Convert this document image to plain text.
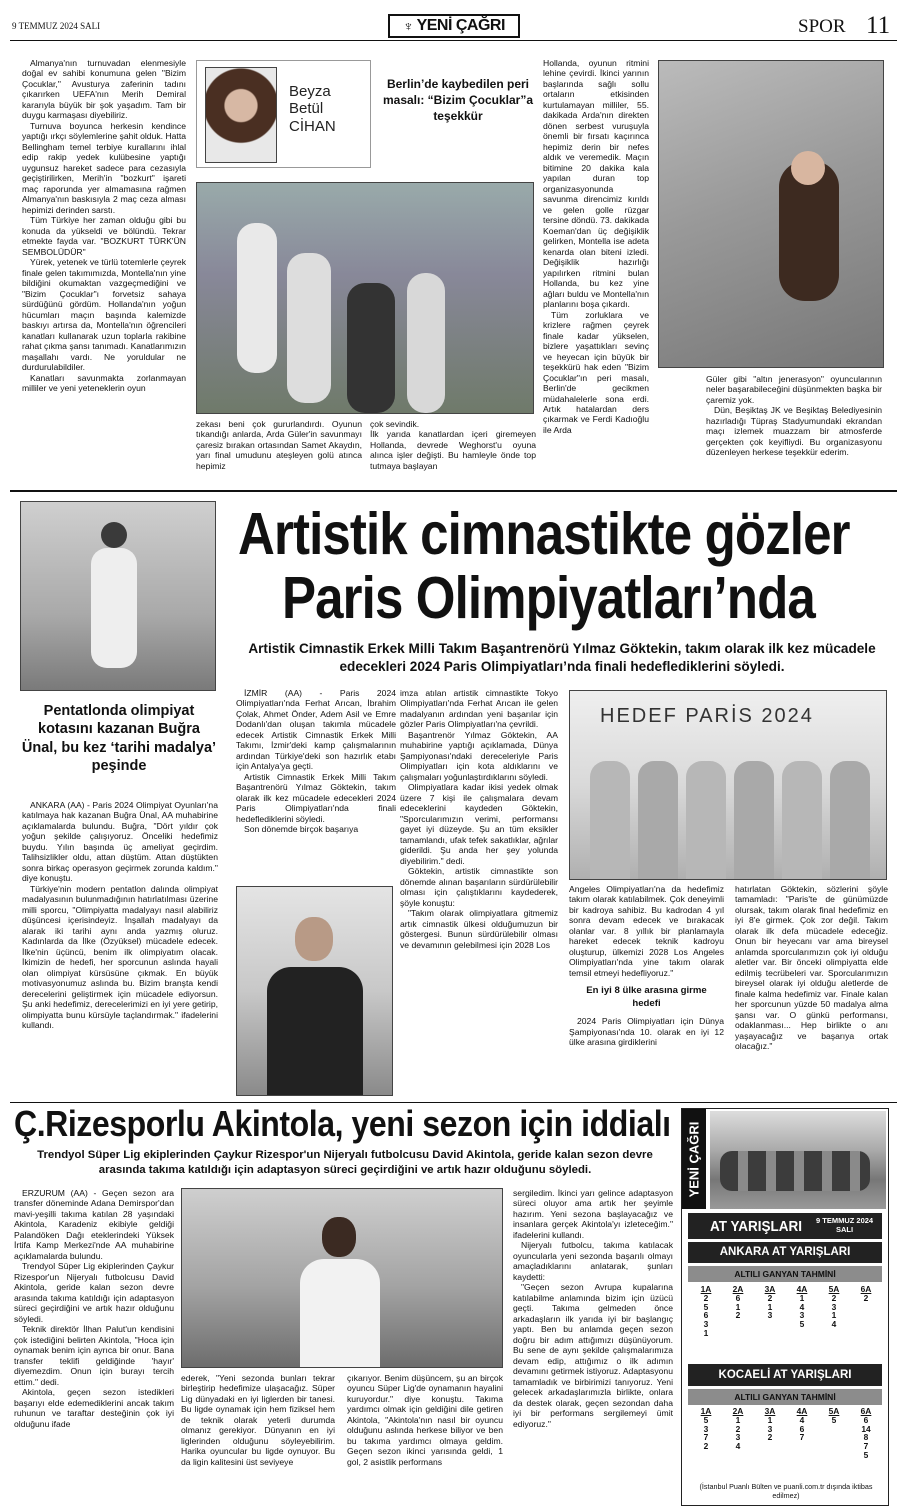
9 TEMMUZ 2024 SALI	♆ YENİ ÇAĞRI	SPOR 11

Almanya'nın turnuvadan elenmesiyle doğal ev sahibi konumuna gelen "Bizim Çocuklar," Avusturya zaferinin tadını çıkarırken UEFA'nın Merih Demiral kararıyla büyük bir şok yaşadım. Tam bir duygu karmaşası diyebiliriz.

Turnuva boyunca herkesin kendince yaptığı ırkçı söylemlerine şahit olduk. Hatta Bellingham temel terbiye kurallarını ihlal edip rakip yedek kulübesine yaptığı uygunsuz hareket sadece para cezasıyla geçiştirilirken, Merih'in "bozkurt" işareti maç raporunda yer almamasına rağmen Almanya'nın baskısıyla 2 maç ceza alması hepimizi derinden sarstı.

Tüm Türkiye her zaman olduğu gibi bu konuda da yükseldi ve bölündü. Tekrar etmekte fayda var. "BOZKURT TÜRK'ÜN SEMBOLÜDÜR"

Yürek, yetenek ve türlü totemlerle çeyrek finale gelen takımımızda, Montella'nın yine bildiğini okumaktan vazgeçmediğini ve "Bizim Çocuklar"ı forvetsiz sahaya sürdüğünü gördüm. Hollanda'nın yoğun hücumları maçın başında kalemizde baskıyı artırsa da, Montella'nın öğrencileri kanatları kullanarak uzun toplarla rakibine rahat çıkma şansı tanımadı. Kanatlarımızın maşallahı vardı. Ne yoruldular ne durdurulabildiler.

Kanatları savunmakta zorlanmayan milliler ve yeni yeteneklerin oyun

Beyza
Betül
CİHAN
Berlin’de kaybedilen peri masalı: “Bizim Çocuklar”a teşekkür
zekası beni çok gururlandırdı. Oyunun tıkandığı anlarda, Arda Güler'in savunmayı çaresiz bırakan ortasından Samet Akaydın, yarı final umudunu ateşleyen golü atınca hepimiz
çok sevindik.
İlk yarıda kanatlardan içeri giremeyen Hollanda, devrede Weghorst'u oyuna alınca işler değişti. Bu hamleyle önde top tutmaya başlayan

Hollanda, oyunun ritmini lehine çevirdi. İkinci yarının başlarında sağlı sollu ortaların etkisinden kurtulamayan milliler, 55. dakikada Arda'nın direkten dönen serbest vuruşuyla önemli bir fırsatı kaçırınca hepimiz derin bir nefes aldık ve veremedik. Maçın bitimine 20 dakika kala yapılan duran top organizasyonunda savunma direncimiz kırıldı ve gelen golle rüzgar tersine döndü. 73. dakikada Koeman'dan üç değişiklik gelirken, Montella ise adeta kenarda olan biteni izledi. Değişiklik hazırlığı yapılırken ritmini bulan Hollanda, bu kez yine ağları buldu ve Montella'nın planlarını boşa çıkardı.

Tüm zorluklara ve krizlere rağmen çeyrek finale kadar yükselen, bizlere yaşattıkları sevinç ve heyecan için büyük bir teşekkürü hak eden "Bizim Çocuklar"ın peri masalı, Berlin'de gecikmen müdahalelerle sona erdi. Artık hatalardan ders çıkarmak ve Ferdi Kadıoğlu ile Arda

Güler gibi "altın jenerasyon" oyuncularının neler başarabileceğini düşünmekten başka bir çaremiz yok.

Dün, Beşiktaş JK ve Beşiktaş Belediyesinin hazırladığı Tüpraş Stadyumundaki ekrandan maçı izlemek muazzam bir atmosferde gerçekten çok keyifliydi. Bu organizasyonu düzenleyen herkese teşekkür ederim.

Pentatlonda olimpiyat kotasını kazanan Buğra Ünal, bu kez ‘tarihi madalya’ peşinde

ANKARA (AA) - Paris 2024 Olimpiyat Oyunları'na katılmaya hak kazanan Buğra Ünal, AA muhabirine açıklamalarda bulundu. Buğra, "Dört yıldır çok yoğun şekilde çalışıyoruz. Önceliki hedefimiz buydu. Yılın başında üç ameliyat geçirdim. Talihsizlikler oldu, attan düştüm. Attan düştükten sonra birkaç operasyon geçirmek zorunda kaldım." diye konuştu.

Türkiye'nin modern pentatlon dalında olimpiyat madalyasının bulunmadığının hatırlatılması üzerine milli sporcu, "Olimpiyatta madalyayı nasıl alabiliriz düşüncesi içerisindeyiz. İnşallah madalyayı da alarak iki tarihi aynı anda yazmış oluruz. Kadınlarda da İlke (Özyüksel) mücadele edecek. İlke'nin üçüncü, benim ilk olimpiyatım olacak. İkimizin de hedefi, her sporcunun aslında hayali olan olimpiyat kürsüsüne çıkmak. En büyük motivasyonumuz aslında bu. Bizim branşta kendi derecelerini geliştirmek için mücadele ediyorsun. Şu anki hedefimiz, derecelerimizi en iyi yere getirip, olimpiyatta bunu kürsüyle taçlandırmak." ifadelerini kullandı.

Artistik cimnastikte gözler
Paris Olimpiyatları’nda
Artistik Cimnastik Erkek Milli Takım Başantrenörü Yılmaz Göktekin, takım olarak ilk kez mücadele edecekleri 2024 Paris Olimpiyatları’nda finali hedeflediklerini söyledi.

İZMİR (AA) - Paris 2024 Olimpiyatları'nda Ferhat Arıcan, İbrahim Çolak, Ahmet Önder, Adem Asil ve Emre Dodanlı'dan oluşan takımla mücadele edecek Artistik Cimnastik Erkek Milli Takımı, İzmir'deki kamp çalışmalarının ardından Türkiye'deki son hazırlık etabı için Antalya'ya geçti.

Artistik Cimnastik Erkek Milli Takım Başantrenörü Yılmaz Göktekin, takım olarak ilk kez mücadele edecekleri 2024 Paris Olimpiyatları'nda finali hedeflediklerini söyledi.

Son dönemde birçok başarıya

imza atılan artistik cimnastikte Tokyo Olimpiyatları'nda Ferhat Arıcan ile gelen madalyanın ardından yeni başarılar için gözler Paris Olimpiyatları'na çevrildi.

Başantrenör Yılmaz Göktekin, AA muhabirine yaptığı açıklamada, Dünya Şampiyonası'ndaki dereceleriyle Paris Olimpiyatları için kota aldıklarını ve çalışmaları yoğunlaştırdıklarını söyledi.

Olimpiyatlara kadar ikisi yedek olmak üzere 7 kişi ile çalışmalara devam edeceklerini kaydeden Göktekin, "Sporcularımızın verimi, performansı gayet iyi düzeyde. Şu an tüm eksikler tamamlandı, ufak tefek sakatlıklar, ağrılar giderildi. Şu anda her şey yolunda diyebilirim." dedi.

Göktekin, artistik cimnastikte son dönemde alınan başarıların sürdürülebilir olması için çalıştıklarını kaydederek, şöyle konuştu:

"Takım olarak olimpiyatlara gitmemiz artık cimnastik ülkesi olduğumuzun bir göstergesi. Bunun sürdürülebilir olması ve devamının gelebilmesi için 2028 Los

HEDEF PARİS 2024

Angeles Olimpiyatları'na da hedefimiz takım olarak katılabilmek. Çok deneyimli bir kadroya sahibiz. Bu kadrodan 4 yıl sonra devam edecek ve bırakacak olanlar var. 8 yıllık bir planlamayla hareket edecek teknik kadroyu oluşturup, ülkemizi 2028 Los Angeles Olimpiyatları'nda yine takım olarak temsil etmeyi hedefliyoruz."

En iyi 8 ülke arasına girme hedefi

2024 Paris Olimpiyatları için Dünya Şampiyonası'nda 10. olarak en iyi 12 ülke arasına girdiklerini

hatırlatan Göktekin, sözlerini şöyle tamamladı: "Paris'te de günümüzde olursak, takım olarak final hedefimiz en iyi 8'e girmek. Çok zor değil. Takım olarak ilk defa mücadele edeceğiz. Onun bir heyecanı var ama bireysel anlamda sporcularımızın çok iyi olduğu aletler var. Bir önceki olimpiyatta elde edilmiş tecrübeleri var. Sporcularımızın bireysel olarak iyi olduğu aletlerde de finale kalma hedefimiz var. Finale kalan her sporcunun yüzde 50 madalya alma şansı var. O günkü performansı, odaklanması... Hep birlikte o anı yaşayacağız ve başarıya ortak olacağız."

Ç.Rizesporlu Akintola, yeni sezon için iddialı
Trendyol Süper Lig ekiplerinden Çaykur Rizespor'un Nijeryalı futbolcusu David Akintola, geride kalan sezon devre arasında takıma katıldığı için adaptasyon süreci geçirdiğini ve artık hazır olduğunu söyledi.

ERZURUM (AA) - Geçen sezon ara transfer döneminde Adana Demirspor'dan mavi-yeşilli takıma katılan 28 yaşındaki Akintola, Karadeniz ekibiyle geldiği Palandöken Dağı eteklerindeki Yüksek İrtifa Kamp Merkezi'nde AA muhabirine açıklamalarda bulundu.

Trendyol Süper Lig ekiplerinden Çaykur Rizespor'un Nijeryalı futbolcusu David Akintola, geride kalan sezon devre arasında takıma katıldığı için adaptasyon süreci geçirdiğini ve artık hazır olduğunu söyledi.

Teknik direktör İlhan Palut'un kendisini çok istediğini belirten Akintola, "Hoca için oynamak benim için ayrıca bir onur. Bana transfer teklifi geldiğinde 'hayır' diyemezdim. Onun için burayı tercih ettim." dedi.

Akintola, geçen sezon istedikleri başarıyı elde edemediklerini ancak takım ruhunun ve taraftar desteğinin çok iyi olduğunu ifade

ederek, "Yeni sezonda bunları tekrar birleştirip hedefimize ulaşacağız. Süper Lig dünyadaki en iyi liglerden bir tanesi. Bu ligde oynamak için hem fiziksel hem de teknik olarak yeterli durumda olmanız gerekiyor. Dünyanın en iyi liglerinden olduğunu söyleyebilirim. Harika oyuncular bu ligde oynuyor. Bu da ligin kalitesini üst seviyeye
çıkarıyor. Benim düşüncem, şu an birçok oyuncu Süper Lig'de oynamanın hayalini kuruyordur." diye konuştu. Takıma yardımcı olmak için geldiğini dile getiren Akintola, "Akintola'nın nasıl bir oyuncu olduğunu aslında herkese biliyor ve ben bu takıma yardımcı olmaya geldim. Geçen sezon ikinci yarısında geldi, 1 gol, 2 asistlik performans

sergiledim. İkinci yarı gelince adaptasyon süreci oluyor ama artık her şeyimle hazırım. Yeni sezona başlayacağız ve insanlara gerçek Akintola'yı izleteceğim." ifadelerini kullandı.

Nijeryalı futbolcu, takıma katılacak oyuncularla yeni sezonda başarılı olmayı amaçladıklarını anlatarak, şunları kaydetti:

"Geçen sezon Avrupa kupalarına katılabilme anlamında bizim için üzücü geçti. Takıma gelmeden önce arkadaşların ilk yarıda iyi bir başlangıç yaptı. Ben bu anlamda geçen sezon doğru bir adım attığımızı düşünüyorum. Bu sene de aynı şekilde çalışmalarımıza devam edip, attığımız o ilk adımın devamını getirmek istiyoruz. Adaptasyonu tamamladık ve birbirimizi tanıyoruz. Yeni gelecek arkadaşlarımızla birlikte, onlara da destek olarak, geçen sezondan daha iyi bir performans sergilemeyi ümit ediyoruz."

YENİ ÇAĞRI
AT YARIŞLARI 9 TEMMUZ 2024
SALI
ANKARA AT YARIŞLARI
ALTILI GANYAN TAHMİNİ
1A	2A	3A	4A	5A	6A
2	6	2	1	2	2
5	1	1	4	3	
6	2	3	3	1	
3			5	4	
1					
KOCAELİ AT YARIŞLARI
ALTILI GANYAN TAHMİNİ
1A	2A	3A	4A	5A	6A
5	1	1	4	5	6
3	2	3	6		14
7	3	2	7		8
2	4				7
					5
(İstanbul Puanlı Bülten ve puanli.com.tr dışında iktibas edilmez)
